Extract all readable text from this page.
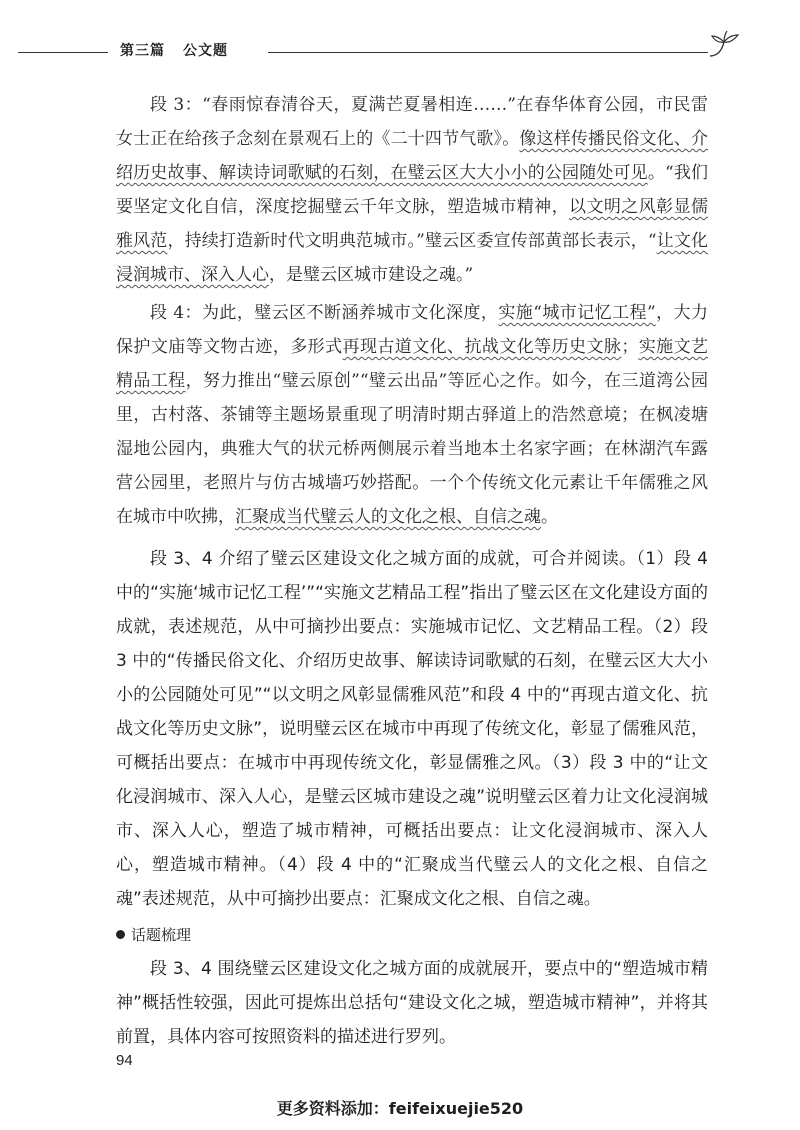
第三篇 公文题

段 3：“春雨惊春清谷天，夏满芒夏暑相连……”在春华体育公园，市民雷女士正在给孩子念刻在景观石上的《二十四节气歌》。像这样传播民俗文化、介绍历史故事、解读诗词歌赋的石刻，在璧云区大大小小的公园随处可见。“我们要坚定文化自信，深度挖掘璧云千年文脉，塑造城市精神，以文明之风彰显儒雅风范，持续打造新时代文明典范城市。”璧云区委宣传部黄部长表示，“让文化浸润城市、深入人心，是璧云区城市建设之魂。”

段 4：为此，璧云区不断涵养城市文化深度，实施“城市记忆工程”，大力保护文庙等文物古迹，多形式再现古道文化、抗战文化等历史文脉；实施文艺精品工程，努力推出“璧云原创”“璧云出品”等匠心之作。如今，在三道湾公园里，古村落、茶铺等主题场景重现了明清时期古驿道上的浩然意境；在枫凌塘湿地公园内，典雅大气的状元桥两侧展示着当地本土名家字画；在林湖汽车露营公园里，老照片与仿古城墙巧妙搭配。一个个传统文化元素让千年儒雅之风在城市中吹拂，汇聚成当代璧云人的文化之根、自信之魂。

段 3、4 介绍了璧云区建设文化之城方面的成就，可合并阅读。（1）段 4 中的“实施‘城市记忆工程’”“实施文艺精品工程”指出了璧云区在文化建设方面的成就，表述规范，从中可摘抄出要点：实施城市记忆、文艺精品工程。（2）段 3 中的“传播民俗文化、介绍历史故事、解读诗词歌赋的石刻，在璧云区大大小小的公园随处可见”“以文明之风彰显儒雅风范”和段 4 中的“再现古道文化、抗战文化等历史文脉”，说明璧云区在城市中再现了传统文化，彰显了儒雅风范，可概括出要点：在城市中再现传统文化，彰显儒雅之风。（3）段 3 中的“让文化浸润城市、深入人心，是璧云区城市建设之魂”说明璧云区着力让文化浸润城市、深入人心，塑造了城市精神，可概括出要点：让文化浸润城市、深入人心，塑造城市精神。（4）段 4 中的“汇聚成当代璧云人的文化之根、自信之魂”表述规范，从中可摘抄出要点：汇聚成文化之根、自信之魂。

话题梳理

段 3、4 围绕璧云区建设文化之城方面的成就展开，要点中的“塑造城市精神”概括性较强，因此可提炼出总括句“建设文化之城，塑造城市精神”，并将其前置，具体内容可按照资料的描述进行罗列。

94
更多资料添加：feifeixuejie520
